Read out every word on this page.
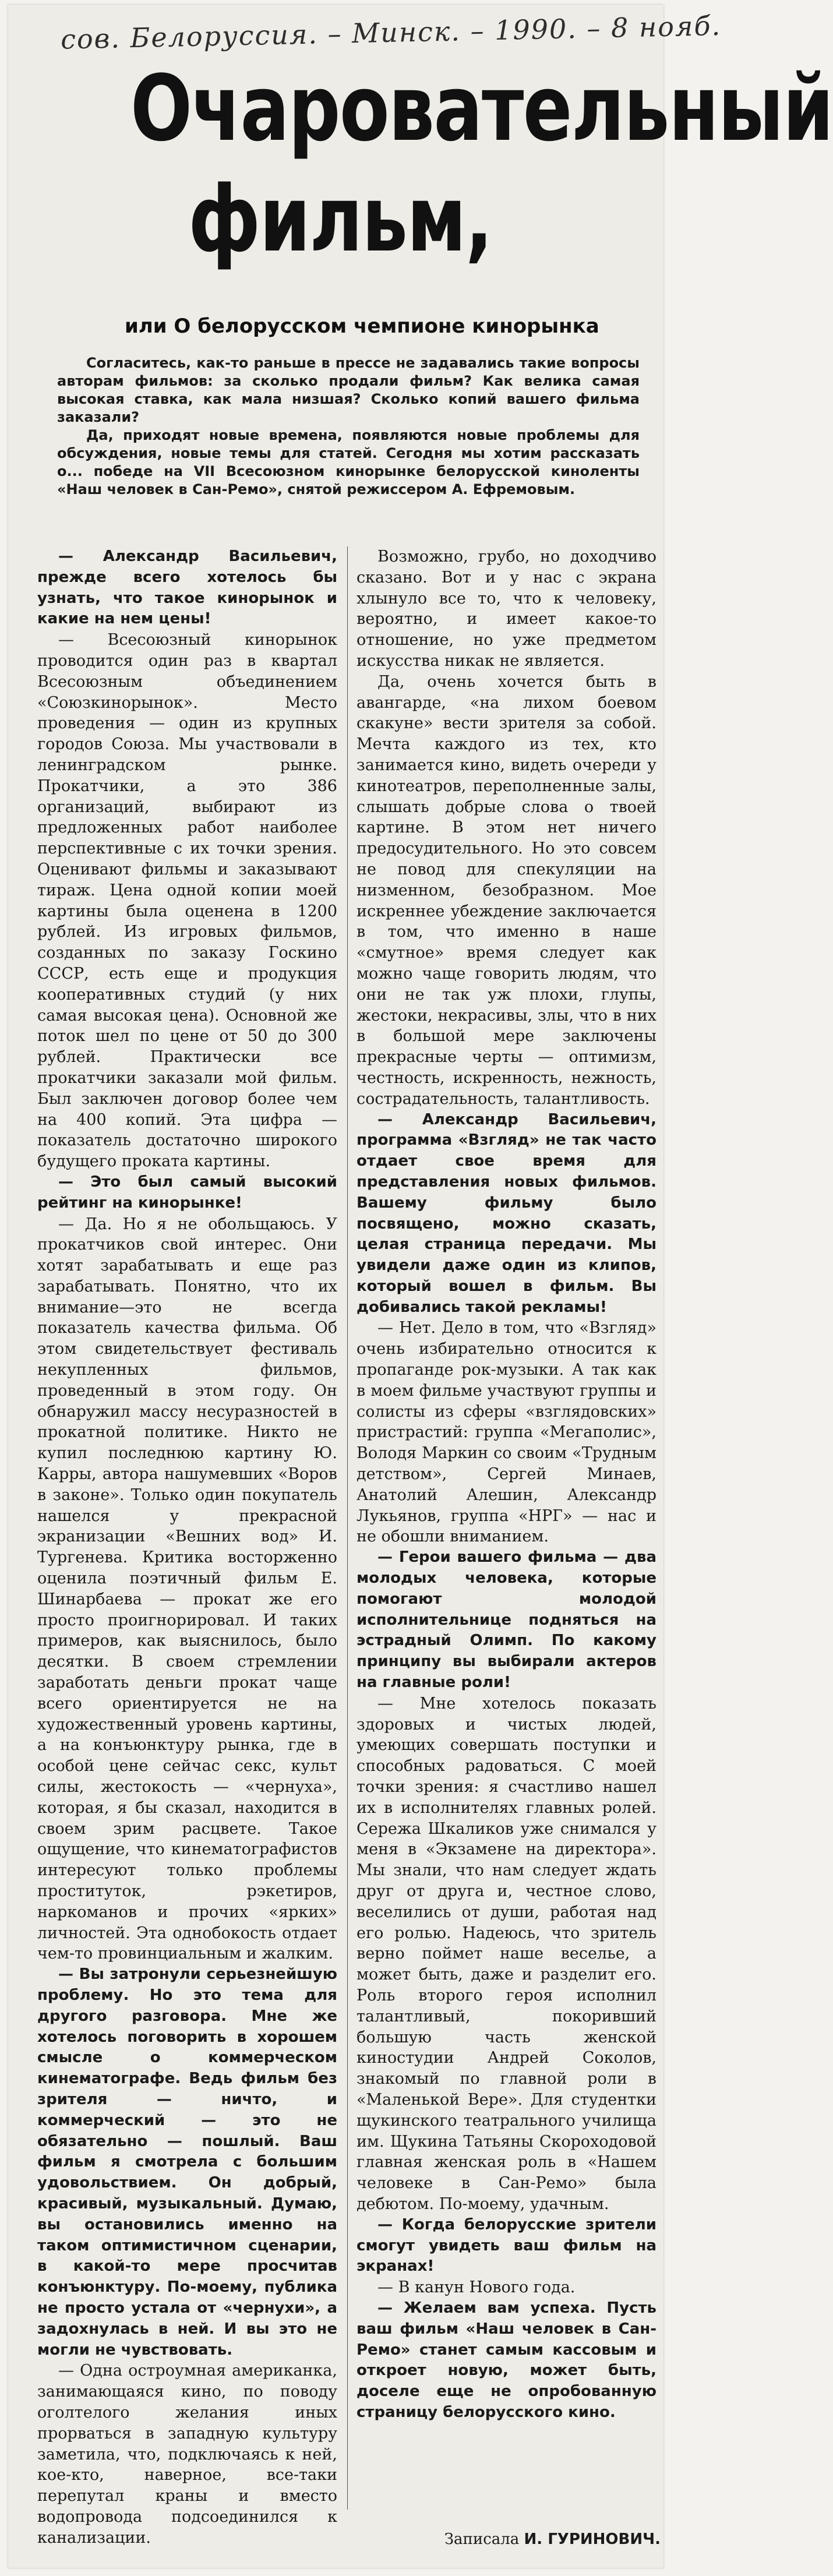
сов. Белоруссия. – Минск. – 1990. – 8 нояб.
Очаровательный
фильм,
или О белорусском чемпионе кинорынка

Согласитесь, как-то раньше в прессе не задавались такие вопросы авторам фильмов: за сколько продали фильм? Как велика самая высокая ставка, как мала низшая? Сколько копий вашего фильма заказали?

Да, приходят новые времена, появляются новые проблемы для обсуждения, новые темы для статей. Сегодня мы хотим рассказать о... победе на VII Всесоюзном кинорынке белорусской киноленты «Наш человек в Сан-Ремо», снятой режиссером А. Ефремовым.

— Александр Васильевич, прежде всего хотелось бы узнать, что такое кинорынок и какие на нем цены!

— Всесоюзный кинорынок проводится один раз в квартал Всесоюзным объединением «Союзкинорынок». Место проведения — один из крупных городов Союза. Мы участвовали в ленинградском рынке. Прокатчики, а это 386 организаций, выбирают из предложенных работ наиболее перспективные с их точки зрения. Оценивают фильмы и заказывают тираж. Цена одной копии моей картины была оценена в 1200 рублей. Из игровых фильмов, созданных по заказу Госкино СССР, есть еще и продукция кооперативных студий (у них самая высокая цена). Основной же поток шел по цене от 50 до 300 рублей. Практически все прокатчики заказали мой фильм. Был заключен договор более чем на 400 копий. Эта цифра — показатель достаточно широкого будущего проката картины.

— Это был самый высокий рейтинг на кинорынке!

— Да. Но я не обольщаюсь. У прокатчиков свой интерес. Они хотят зарабатывать и еще раз зарабатывать. Понятно, что их внимание—это не всегда показатель качества фильма. Об этом свидетельствует фестиваль некупленных фильмов, проведенный в этом году. Он обнаружил массу несуразностей в прокатной политике. Никто не купил последнюю картину Ю. Карры, автора нашумевших «Воров в законе». Только один покупатель нашелся у прекрасной экранизации «Вешних вод» И. Тургенева. Критика восторженно оценила поэтичный фильм Е. Шинарбаева — прокат же его просто проигнорировал. И таких примеров, как выяснилось, было десятки. В своем стремлении заработать деньги прокат чаще всего ориентируется не на художественный уровень картины, а на конъюнктуру рынка, где в особой цене сейчас секс, культ силы, жестокость — «чернуха», которая, я бы сказал, находится в своем зрим расцвете. Такое ощущение, что кинематографистов интересуют только проблемы проституток, рэкетиров, наркоманов и прочих «ярких» личностей. Эта однобокость отдает чем-то провинциальным и жалким.

— Вы затронули серьезнейшую проблему. Но это тема для другого разговора. Мне же хотелось поговорить в хорошем смысле о коммерческом кинематографе. Ведь фильм без зрителя — ничто, и коммерческий — это не обязательно — пошлый. Ваш фильм я смотрела с большим удовольствием. Он добрый, красивый, музыкальный. Думаю, вы остановились именно на таком оптимистичном сценарии, в какой-то мере просчитав конъюнктуру. По-моему, публика не просто устала от «чернухи», а задохнулась в ней. И вы это не могли не чувствовать.

— Одна остроумная американка, занимающаяся кино, по поводу оголтелого желания иных прорваться в западную культуру заметила, что, подключаясь к ней, кое-кто, наверное, все-таки перепутал краны и вместо водопровода подсоединился к канализации.

Возможно, грубо, но доходчиво сказано. Вот и у нас с экрана хлынуло все то, что к человеку, вероятно, и имеет какое-то отношение, но уже предметом искусства никак не является.

Да, очень хочется быть в авангарде, «на лихом боевом скакуне» вести зрителя за собой. Мечта каждого из тех, кто занимается кино, видеть очереди у кинотеатров, переполненные залы, слышать добрые слова о твоей картине. В этом нет ничего предосудительного. Но это совсем не повод для спекуляции на низменном, безобразном. Мое искреннее убеждение заключается в том, что именно в наше «смутное» время следует как можно чаще говорить людям, что они не так уж плохи, глупы, жестоки, некрасивы, злы, что в них в большой мере заключены прекрасные черты — оптимизм, честность, искренность, нежность, сострадательность, талантливость.

— Александр Васильевич, программа «Взгляд» не так часто отдает свое время для представления новых фильмов. Вашему фильму было посвящено, можно сказать, целая страница передачи. Мы увидели даже один из клипов, который вошел в фильм. Вы добивались такой рекламы!

— Нет. Дело в том, что «Взгляд» очень избирательно относится к пропаганде рок-музыки. А так как в моем фильме участвуют группы и солисты из сферы «взглядовских» пристрастий: группа «Мегаполис», Володя Маркин со своим «Трудным детством», Сергей Минаев, Анатолий Алешин, Александр Лукьянов, группа «НРГ» — нас и не обошли вниманием.

— Герои вашего фильма — два молодых человека, которые помогают молодой исполнительнице подняться на эстрадный Олимп. По какому принципу вы выбирали актеров на главные роли!

— Мне хотелось показать здоровых и чистых людей, умеющих совершать поступки и способных радоваться. С моей точки зрения: я счастливо нашел их в исполнителях главных ролей. Сережа Шкаликов уже снимался у меня в «Экзамене на директора». Мы знали, что нам следует ждать друг от друга и, честное слово, веселились от души, работая над его ролью. Надеюсь, что зритель верно поймет наше веселье, а может быть, даже и разделит его. Роль второго героя исполнил талантливый, покоривший большую часть женской киностудии Андрей Соколов, знакомый по главной роли в «Маленькой Вере». Для студентки щукинского театрального училища им. Щукина Татьяны Скороходовой главная женская роль в «Нашем человеке в Сан-Ремо» была дебютом. По-моему, удачным.

— Когда белорусские зрители смогут увидеть ваш фильм на экранах!

— В канун Нового года.

— Желаем вам успеха. Пусть ваш фильм «Наш человек в Сан-Ремо» станет самым кассовым и откроет новую, может быть, доселе еще не опробованную страницу белорусского кино.

Записала И. ГУРИНОВИЧ.
